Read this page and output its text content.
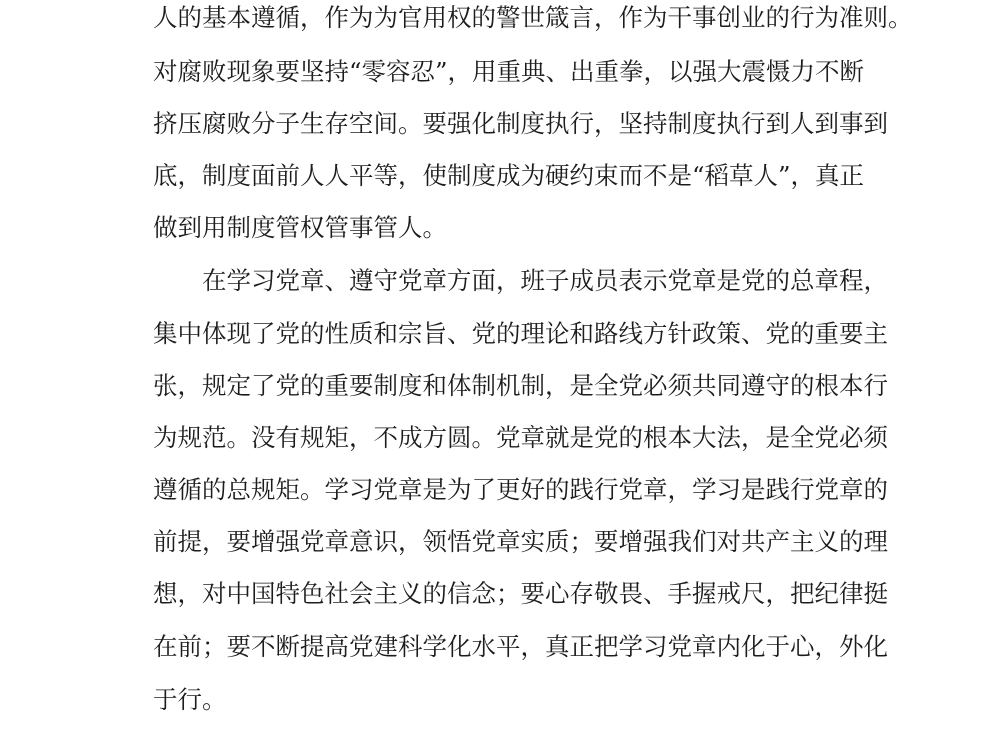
人的基本遵循，作为为官用权的警世箴言，作为干事创业的行为准则。
对腐败现象要坚持“零容忍”，用重典、出重拳，以强大震慑力不断
挤压腐败分子生存空间。要强化制度执行，坚持制度执行到人到事到
底，制度面前人人平等，使制度成为硬约束而不是“稻草人”，真正
做到用制度管权管事管人。
在学习党章、遵守党章方面，班子成员表示党章是党的总章程，
集中体现了党的性质和宗旨、党的理论和路线方针政策、党的重要主
张，规定了党的重要制度和体制机制，是全党必须共同遵守的根本行
为规范。没有规矩，不成方圆。党章就是党的根本大法，是全党必须
遵循的总规矩。学习党章是为了更好的践行党章，学习是践行党章的
前提，要增强党章意识，领悟党章实质；要增强我们对共产主义的理
想，对中国特色社会主义的信念；要心存敬畏、手握戒尺，把纪律挺
在前；要不断提高党建科学化水平，真正把学习党章内化于心，外化
于行。
